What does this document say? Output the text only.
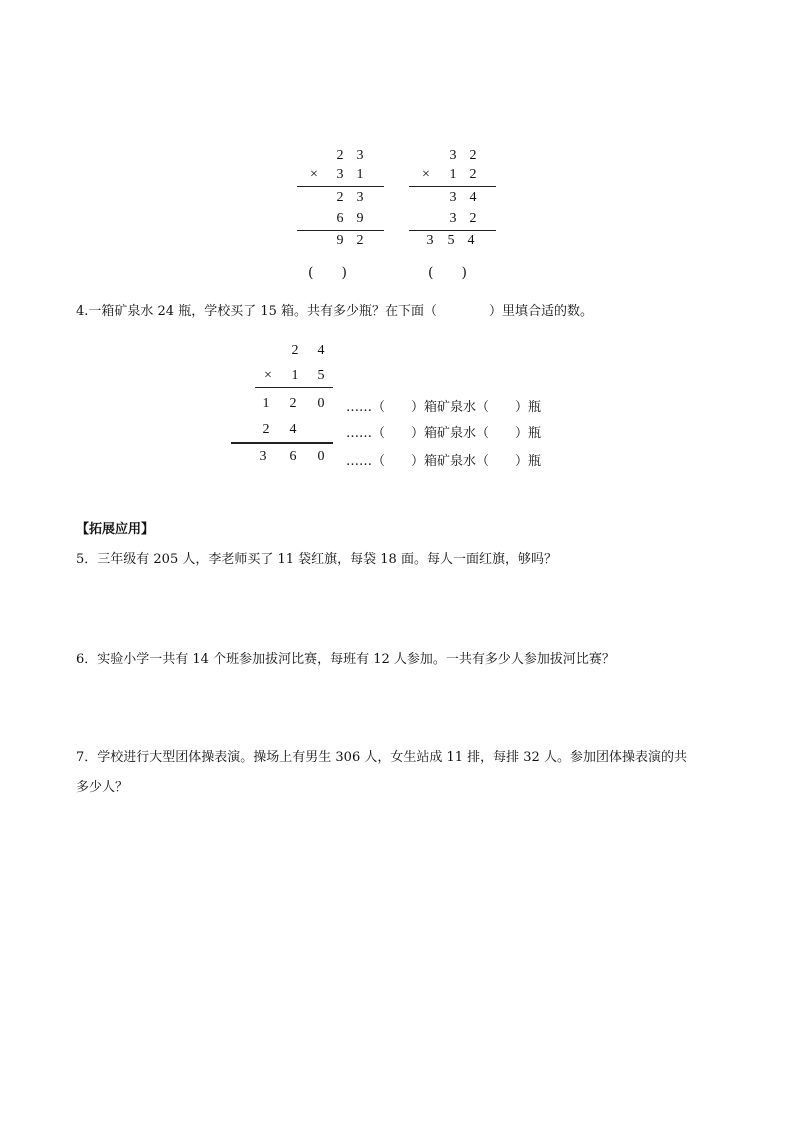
2 3
×	3 1
2 3
6 9
9 2
(　　)
3 2
×	1 2
3 4
3 2
3	5 4
(　　)
4.一箱矿泉水 24 瓶，学校买了 15 箱。共有多少瓶？在下面（　　　　）里填合适的数。
2	4
×	1	5
1	2	0	……（　　）箱矿泉水（　　）瓶
2	4	……（　　）箱矿泉水（　　）瓶
3	6	0	……（　　）箱矿泉水（　　）瓶
【拓展应用】
5．三年级有 205 人，李老师买了 11 袋红旗，每袋 18 面。每人一面红旗，够吗？
6．实验小学一共有 14 个班参加拔河比赛，每班有 12 人参加。一共有多少人参加拔河比赛？
7．学校进行大型团体操表演。操场上有男生 306 人，女生站成 11 排，每排 32 人。参加团体操表演的共
多少人？
